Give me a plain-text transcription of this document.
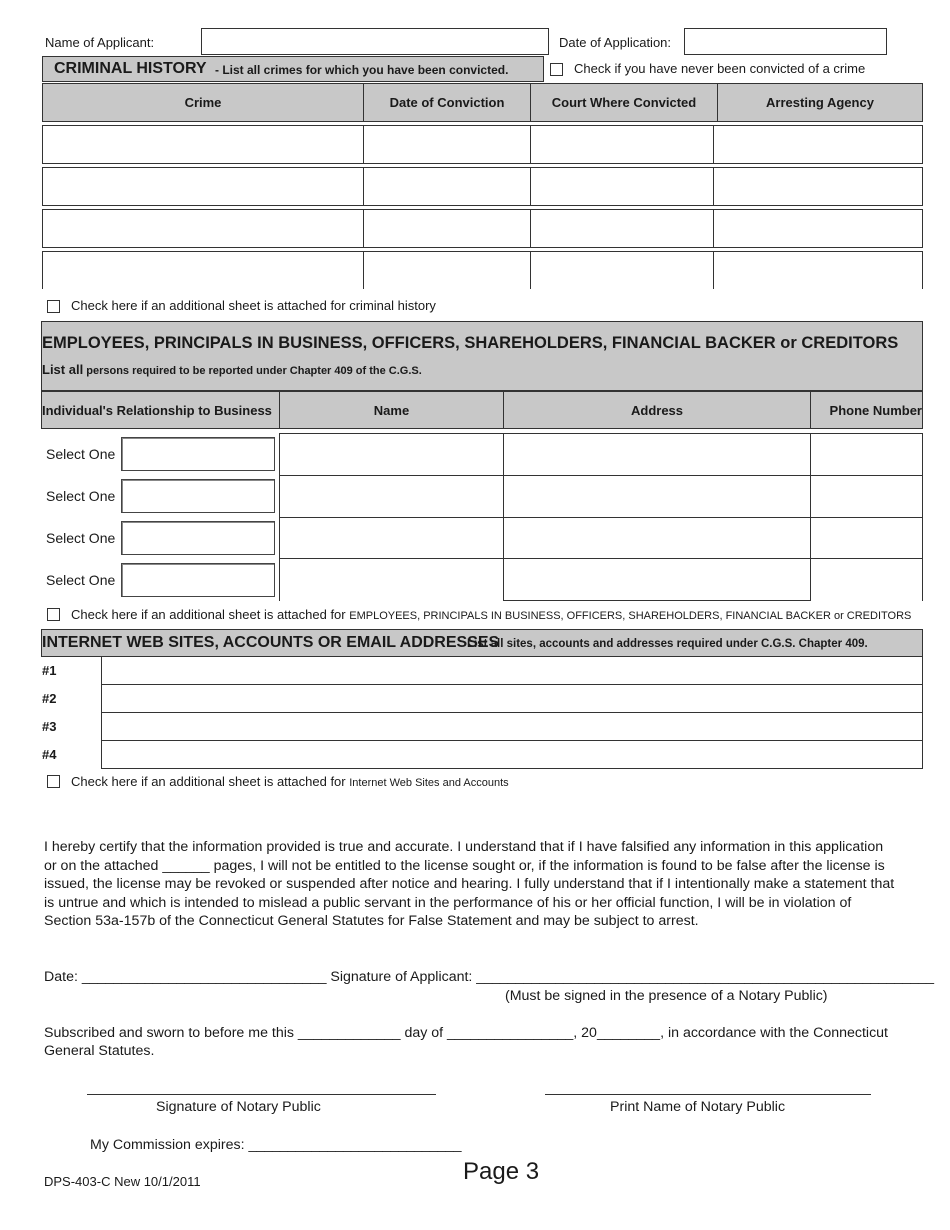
Name of Applicant:	Date of Application:
CRIMINAL HISTORY - List all crimes for which you have been convicted.	Check if you have never been convicted of a crime
Crime	Date of Conviction	Court Where Convicted	Arresting Agency
Check here if an additional sheet is attached for criminal history
EMPLOYEES, PRINCIPALS IN BUSINESS, OFFICERS, SHAREHOLDERS, FINANCIAL BACKER or CREDITORS
List all persons required to be reported under Chapter 409 of the C.G.S.
Individual's Relationship to Business	Name	Address	Phone Number
Select One
Select One
Select One
Select One
Check here if an additional sheet is attached for EMPLOYEES, PRINCIPALS IN BUSINESS, OFFICERS, SHAREHOLDERS, FINANCIAL BACKER or CREDITORS
INTERNET WEB SITES, ACCOUNTS OR EMAIL ADDRESSES
List all sites, accounts and addresses required under C.G.S. Chapter 409.
#1
#2
#3
#4
Check here if an additional sheet is attached for Internet Web Sites and Accounts
I hereby certify that the information provided is true and accurate. I understand that if I have falsified any information in this application
or on the attached ______ pages, I will not be entitled to the license sought or, if the information is found to be false after the license is
issued, the license may be revoked or suspended after notice and hearing. I fully understand that if I intentionally make a statement that
is untrue and which is intended to mislead a public servant in the performance of his or her official function, I will be in violation of
Section 53a-157b of the Connecticut General Statutes for False Statement and may be subject to arrest.
Date: _______________________________ Signature of Applicant: __________________________________________________________
(Must be signed in the presence of a Notary Public)
Subscribed and sworn to before me this _____________ day of ________________, 20________, in accordance with the Connecticut
General Statutes.
Signature of Notary Public	Print Name of Notary Public
My Commission expires: ___________________________
DPS-403-C New 10/1/2011	Page 3
